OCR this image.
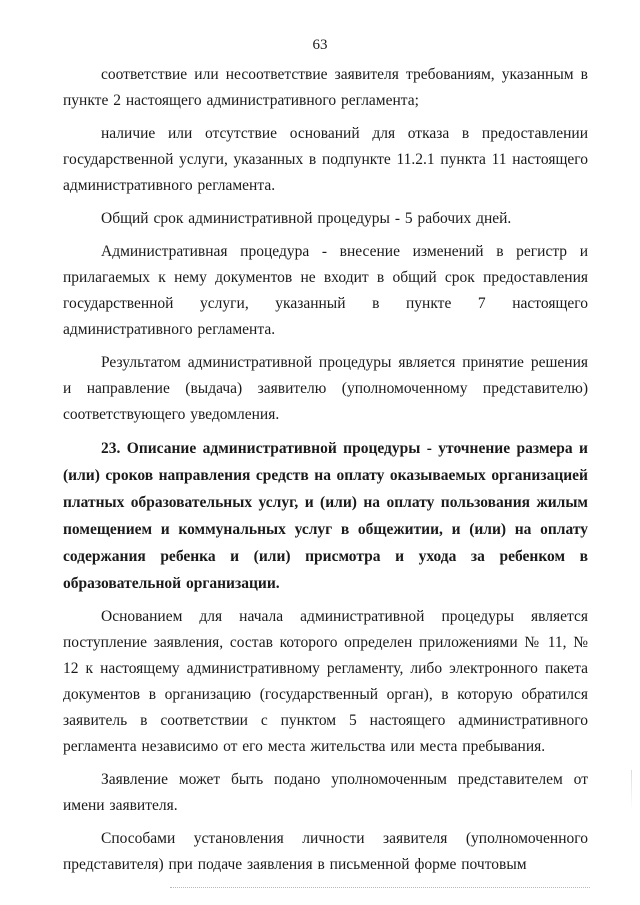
63

соответствие или несоответствие заявителя требованиям, указанным в пункте 2 настоящего административного регламента;

наличие или отсутствие оснований для отказа в предоставлении государственной услуги, указанных в подпункте 11.2.1 пункта 11 настоящего административного регламента.

Общий срок административной процедуры - 5 рабочих дней.

Административная процедура - внесение изменений в регистр и прилагаемых к нему документов не входит в общий срок предоставления государственной услуги, указанный в пункте 7 настоящего административного регламента.

Результатом административной процедуры является принятие решения и направление (выдача) заявителю (уполномоченному представителю) соответствующего уведомления.

23. Описание административной процедуры - уточнение размера и (или) сроков направления средств на оплату оказываемых организацией платных образовательных услуг, и (или) на оплату пользования жилым помещением и коммунальных услуг в общежитии, и (или) на оплату содержания ребенка и (или) присмотра и ухода за ребенком в образовательной организации.

Основанием для начала административной процедуры является поступление заявления, состав которого определен приложениями № 11, № 12 к настоящему административному регламенту, либо электронного пакета документов в организацию (государственный орган), в которую обратился заявитель в соответствии с пунктом 5 настоящего административного регламента независимо от его места жительства или места пребывания.

Заявление может быть подано уполномоченным представителем от имени заявителя.

Способами установления личности заявителя (уполномоченного представителя) при подаче заявления в письменной форме почтовым
